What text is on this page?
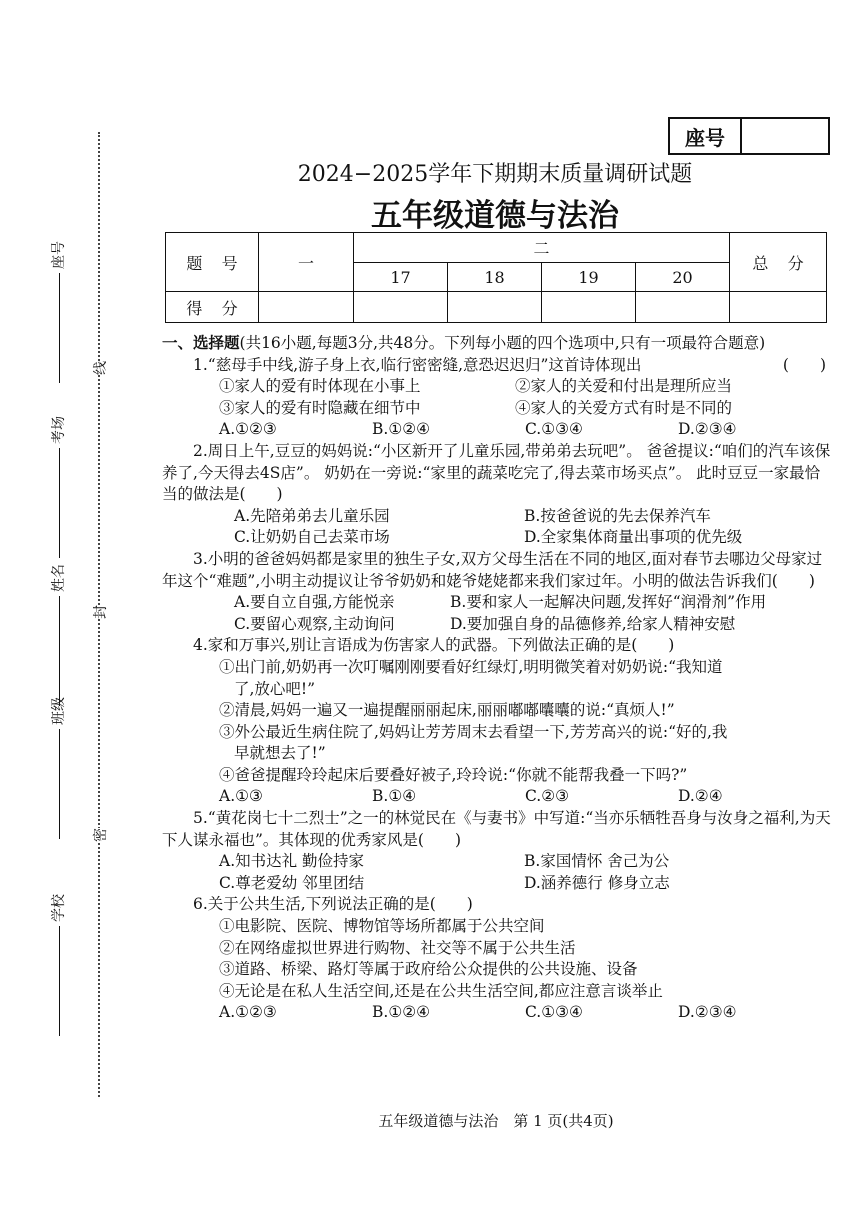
学校
班级
姓名
考场
座号
密
封
线
座号
2024−2025学年下期期末质量调研试题
五年级道德与法治
题号	一	二				总分
		17	18	19	20	
得分						

一、选择题(共16小题,每题3分,共48分。下列每小题的四个选项中,只有一项最符合题意)

1.“慈母手中线,游子身上衣,临行密密缝,意恐迟迟归”这首诗体现出	(　　)

①家人的爱有时体现在小事上	②家人的关爱和付出是理所应当
③家人的爱有时隐藏在细节中	④家人的关爱方式有时是不同的
A.①②③	B.①②④	C.①③④	D.②③④

2.周日上午,豆豆的妈妈说:“小区新开了儿童乐园,带弟弟去玩吧”。 爸爸提议:“咱们的汽车该保养了,今天得去4S店”。 奶奶在一旁说:“家里的蔬菜吃完了,得去菜市场买点”。 此时豆豆一家最恰当的做法是(　　)

A.先陪弟弟去儿童乐园	B.按爸爸说的先去保养汽车
C.让奶奶自己去菜市场	D.全家集体商量出事项的优先级

3.小明的爸爸妈妈都是家里的独生子女,双方父母生活在不同的地区,面对春节去哪边父母家过年这个“难题”,小明主动提议让爷爷奶奶和姥爷姥姥都来我们家过年。小明的做法告诉我们(　　)

A.要自立自强,方能悦亲	B.要和家人一起解决问题,发挥好“润滑剂”作用
C.要留心观察,主动询问	D.要加强自身的品德修养,给家人精神安慰

4.家和万事兴,别让言语成为伤害家人的武器。下列做法正确的是(　　)

①出门前,奶奶再一次叮嘱刚刚要看好红绿灯,明明微笑着对奶奶说:“我知道

了,放心吧!”

②清晨,妈妈一遍又一遍提醒丽丽起床,丽丽嘟嘟囔囔的说:“真烦人!”

③外公最近生病住院了,妈妈让芳芳周末去看望一下,芳芳高兴的说:“好的,我

早就想去了!”

④爸爸提醒玲玲起床后要叠好被子,玲玲说:“你就不能帮我叠一下吗?”

A.①③	B.①④	C.②③	D.②④

5.“黄花岗七十二烈士”之一的林觉民在《与妻书》中写道:“当亦乐牺牲吾身与汝身之福利,为天下人谋永福也”。其体现的优秀家风是(　　)

A.知书达礼 勤俭持家	B.家国情怀 舍己为公
C.尊老爱幼 邻里团结	D.涵养德行 修身立志

6.关于公共生活,下列说法正确的是(　　)

①电影院、医院、博物馆等场所都属于公共空间

②在网络虚拟世界进行购物、社交等不属于公共生活

③道路、桥梁、路灯等属于政府给公众提供的公共设施、设备

④无论是在私人生活空间,还是在公共生活空间,都应注意言谈举止

A.①②③	B.①②④	C.①③④	D.②③④
五年级道德与法治　第 1 页(共4页)
